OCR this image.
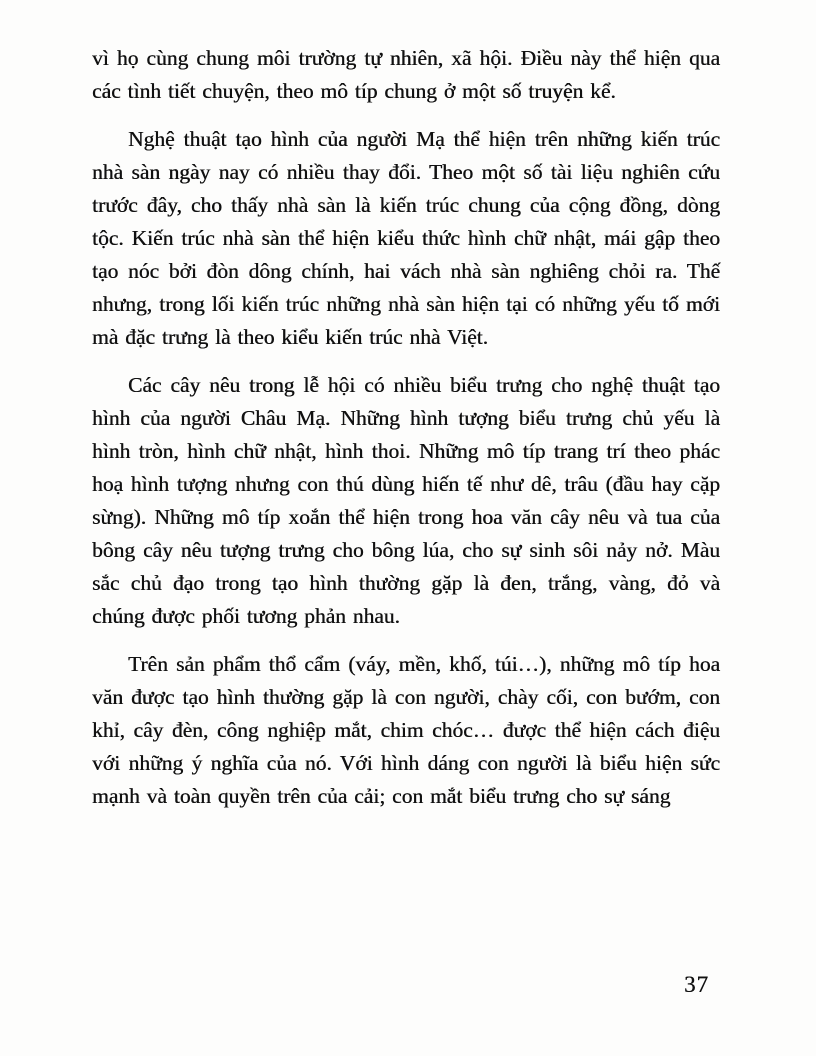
vì họ cùng chung môi trường tự nhiên, xã hội. Điều này thể hiện qua các tình tiết chuyện, theo mô típ chung ở một số truyện kể.

Nghệ thuật tạo hình của người Mạ thể hiện trên những kiến trúc nhà sàn ngày nay có nhiều thay đổi. Theo một số tài liệu nghiên cứu trước đây, cho thấy nhà sàn là kiến trúc chung của cộng đồng, dòng tộc. Kiến trúc nhà sàn thể hiện kiểu thức hình chữ nhật, mái gập theo tạo nóc bởi đòn dông chính, hai vách nhà sàn nghiêng chỏi ra. Thế nhưng, trong lối kiến trúc những nhà sàn hiện tại có những yếu tố mới mà đặc trưng là theo kiểu kiến trúc nhà Việt.

Các cây nêu trong lễ hội có nhiều biểu trưng cho nghệ thuật tạo hình của người Châu Mạ. Những hình tượng biểu trưng chủ yếu là hình tròn, hình chữ nhật, hình thoi. Những mô típ trang trí theo phác hoạ hình tượng nhưng con thú dùng hiến tế như dê, trâu (đầu hay cặp sừng). Những mô típ xoắn thể hiện trong hoa văn cây nêu và tua của bông cây nêu tượng trưng cho bông lúa, cho sự sinh sôi nảy nở. Màu sắc chủ đạo trong tạo hình thường gặp là đen, trắng, vàng, đỏ và chúng được phối tương phản nhau.

Trên sản phẩm thổ cẩm (váy, mền, khố, túi…), những mô típ hoa văn được tạo hình thường gặp là con người, chày cối, con bướm, con khỉ, cây đèn, công nghiệp mắt, chim chóc… được thể hiện cách điệu với những ý nghĩa của nó. Với hình dáng con người là biểu hiện sức mạnh và toàn quyền trên của cải; con mắt biểu trưng cho sự sáng

37
